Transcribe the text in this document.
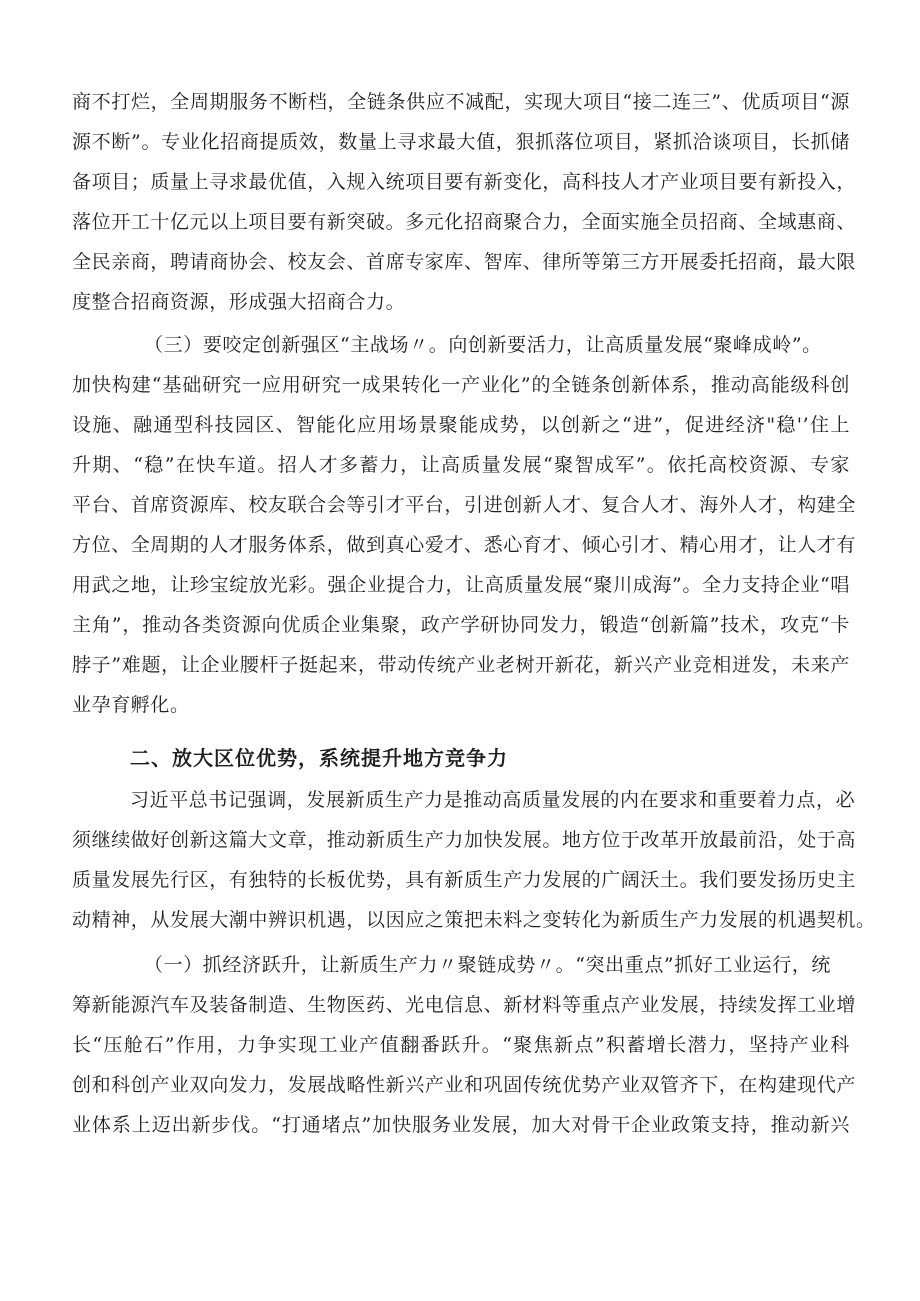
商不打烂，全周期服务不断档，全链条供应不减配，实现大项目“接二连三”、优质项目“源
源不断”。专业化招商提质效，数量上寻求最大值，狠抓落位项目，紧抓洽谈项目，长抓储
备项目；质量上寻求最优值，入规入统项目要有新变化，高科技人才产业项目要有新投入，
落位开工十亿元以上项目要有新突破。多元化招商聚合力，全面实施全员招商、全域惠商、
全民亲商，聘请商协会、校友会、首席专家库、智库、律所等第三方开展委托招商，最大限
度整合招商资源，形成强大招商合力。
（三）要咬定创新强区“主战场〃。向创新要活力，让高质量发展“聚峰成岭”。
加快构建“基础研究一应用研究一成果转化一产业化”的全链条创新体系，推动高能级科创
设施、融通型科技园区、智能化应用场景聚能成势，以创新之“进”，促进经济"稳'’住上
升期、“稳”在快车道。招人才多蓄力，让高质量发展“聚智成军”。依托高校资源、专家
平台、首席资源库、校友联合会等引才平台，引进创新人才、复合人才、海外人才，构建全
方位、全周期的人才服务体系，做到真心爱才、悉心育才、倾心引才、精心用才，让人才有
用武之地，让珍宝绽放光彩。强企业提合力，让高质量发展“聚川成海”。全力支持企业“唱
主角”，推动各类资源向优质企业集聚，政产学研协同发力，锻造“创新篇”技术，攻克“卡
脖子”难题，让企业腰杆子挺起来，带动传统产业老树开新花，新兴产业竞相迸发，未来产
业孕育孵化。
二、放大区位优势，系统提升地方竞争力
习近平总书记强调，发展新质生产力是推动高质量发展的内在要求和重要着力点，必
须继续做好创新这篇大文章，推动新质生产力加快发展。地方位于改革开放最前沿，处于高
质量发展先行区，有独特的长板优势，具有新质生产力发展的广阔沃土。我们要发扬历史主
动精神，从发展大潮中辨识机遇，以因应之策把未料之变转化为新质生产力发展的机遇契机。
（一）抓经济跃升，让新质生产力〃聚链成势〃。“突出重点”抓好工业运行，统
筹新能源汽车及装备制造、生物医药、光电信息、新材料等重点产业发展，持续发挥工业增
长“压舱石”作用，力争实现工业产值翻番跃升。“聚焦新点”积蓄增长潜力，坚持产业科
创和科创产业双向发力，发展战略性新兴产业和巩固传统优势产业双管齐下，在构建现代产
业体系上迈出新步伐。“打通堵点”加快服务业发展，加大对骨干企业政策支持，推动新兴
